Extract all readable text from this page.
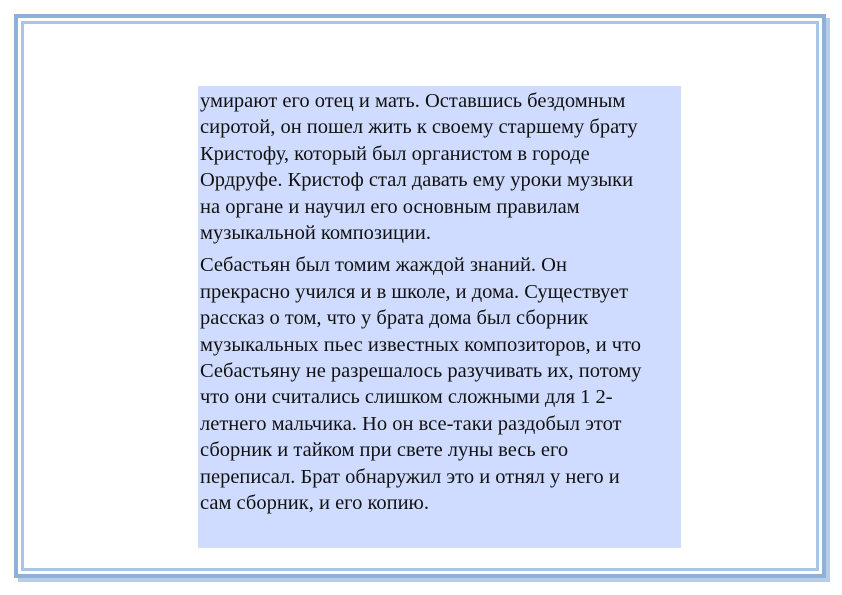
умирают его отец и мать. Оставшись бездомным
сиротой, он пошел жить к своему старшему брату
Кристофу, который был органистом в городе
Ордруфе. Кристоф стал давать ему уроки музыки
на органе и научил его основным правилам
музыкальной композиции.

Себастьян был томим жаждой знаний. Он
прекрасно учился и в школе, и дома. Существует
рассказ о том, что у брата дома был сборник
музыкальных пьес известных композиторов, и что
Себастьяну не разрешалось разучивать их, потому
что они считались слишком сложными для 1 2-
летнего мальчика. Но он все-таки раздобыл этот
сборник и тайком при свете луны весь его
переписал. Брат обнаружил это и отнял у него и
сам сборник, и его копию.
